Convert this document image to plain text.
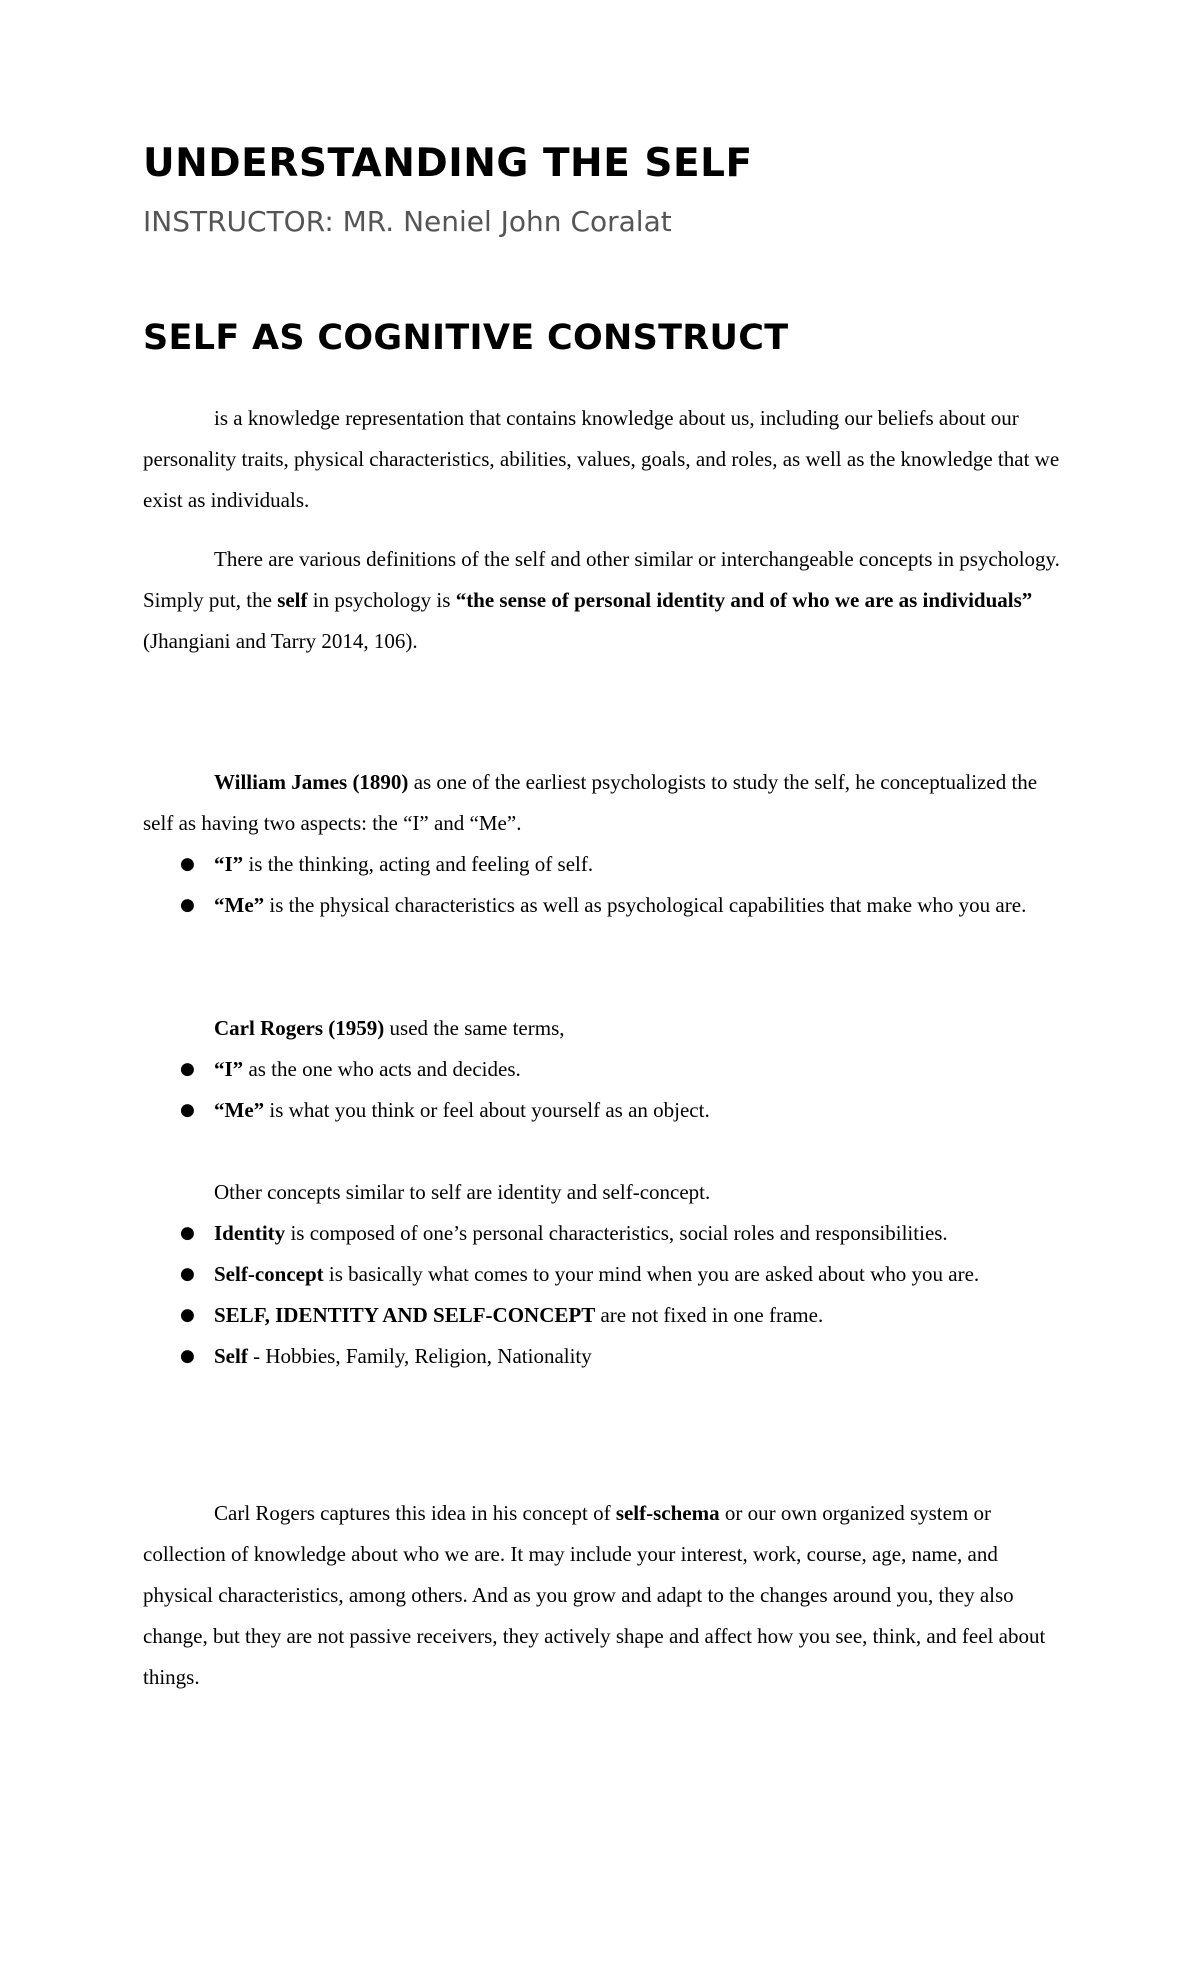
UNDERSTANDING THE SELF
INSTRUCTOR: MR. Neniel John Coralat
SELF AS COGNITIVE CONSTRUCT

is a knowledge representation that contains knowledge about us, including our beliefs about our personality traits, physical characteristics, abilities, values, goals, and roles, as well as the knowledge that we exist as individuals.

There are various definitions of the self and other similar or interchangeable concepts in psychology. Simply put, the self in psychology is “the sense of personal identity and of who we are as individuals” (Jhangiani and Tarry 2014, 106).

William James (1890) as one of the earliest psychologists to study the self, he conceptualized the self as having two aspects: the “I” and “Me”.

● “I” is the thinking, acting and feeling of self.
● “Me” is the physical characteristics as well as psychological capabilities that make who you are.

Carl Rogers (1959) used the same terms,

● “I” as the one who acts and decides.
● “Me” is what you think or feel about yourself as an object.

Other concepts similar to self are identity and self-concept.

● Identity is composed of one’s personal characteristics, social roles and responsibilities.
● Self-concept is basically what comes to your mind when you are asked about who you are.
● SELF, IDENTITY AND SELF-CONCEPT are not fixed in one frame.
● Self - Hobbies, Family, Religion, Nationality

Carl Rogers captures this idea in his concept of self-schema or our own organized system or collection of knowledge about who we are. It may include your interest, work, course, age, name, and physical characteristics, among others. And as you grow and adapt to the changes around you, they also change, but they are not passive receivers, they actively shape and affect how you see, think, and feel about things.
